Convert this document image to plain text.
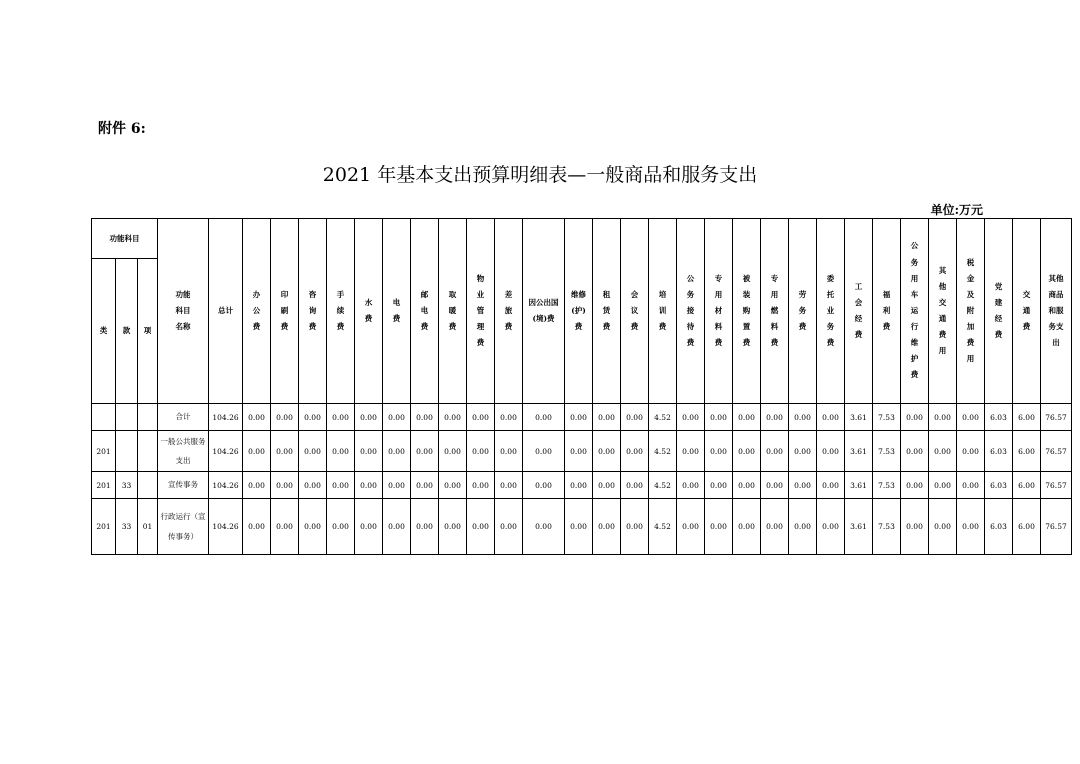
附件 6:
2021 年基本支出预算明细表—一般商品和服务支出
单位:万元
功能科目			功能科目名称	总计	办公费	印刷费	咨询费	手续费	水费	电费	邮电费	取暖费	物业管理费	差旅费	因公出国(境)费	维修(护)费	租赁费	会议费	培训费	公务接待费	专用材料费	被装购置费	专用燃料费	劳务费	委托业务费	工会经费	福利费	公务用车运行维护费	其他交通费用	税金及附加费用	党建经费	交通费	其他商品和服务支出
类	款	项																															
			合计	104.26	0.00	0.00	0.00	0.00	0.00	0.00	0.00	0.00	0.00	0.00	0.00	0.00	0.00	0.00	4.52	0.00	0.00	0.00	0.00	0.00	0.00	3.61	7.53	0.00	0.00	0.00	6.03	6.00	76.57
201			一般公共服务支出	104.26	0.00	0.00	0.00	0.00	0.00	0.00	0.00	0.00	0.00	0.00	0.00	0.00	0.00	0.00	4.52	0.00	0.00	0.00	0.00	0.00	0.00	3.61	7.53	0.00	0.00	0.00	6.03	6.00	76.57
201	33		宣传事务	104.26	0.00	0.00	0.00	0.00	0.00	0.00	0.00	0.00	0.00	0.00	0.00	0.00	0.00	0.00	4.52	0.00	0.00	0.00	0.00	0.00	0.00	3.61	7.53	0.00	0.00	0.00	6.03	6.00	76.57
201	33	01	行政运行（宣传事务）	104.26	0.00	0.00	0.00	0.00	0.00	0.00	0.00	0.00	0.00	0.00	0.00	0.00	0.00	0.00	4.52	0.00	0.00	0.00	0.00	0.00	0.00	3.61	7.53	0.00	0.00	0.00	6.03	6.00	76.57
